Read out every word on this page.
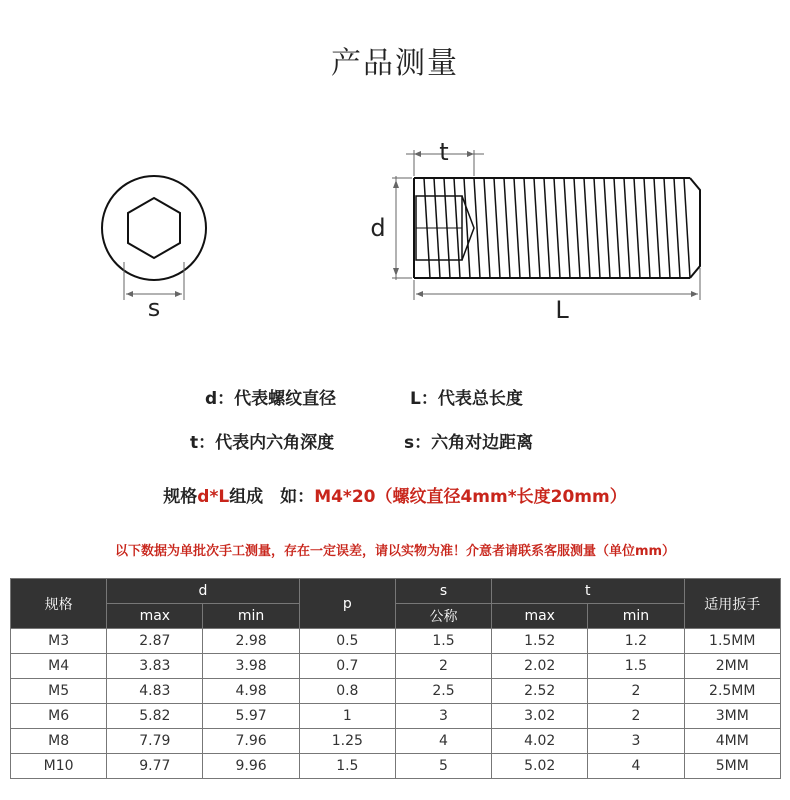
产品测量
s
d
t
L
d：代表螺纹直径	L：代表总长度
t：代表内六角深度	s：六角对边距离
规格d*L组成　如：M4*20（螺纹直径4mm*长度20mm）
以下数据为单批次手工测量，存在一定误差，请以实物为准！介意者请联系客服测量（单位mm）
规格	d		p	s	t		适用扳手
	max	min		公称	max	min	
M3	2.87	2.98	0.5	1.5	1.52	1.2	1.5MM
M4	3.83	3.98	0.7	2	2.02	1.5	2MM
M5	4.83	4.98	0.8	2.5	2.52	2	2.5MM
M6	5.82	5.97	1	3	3.02	2	3MM
M8	7.79	7.96	1.25	4	4.02	3	4MM
M10	9.77	9.96	1.5	5	5.02	4	5MM
